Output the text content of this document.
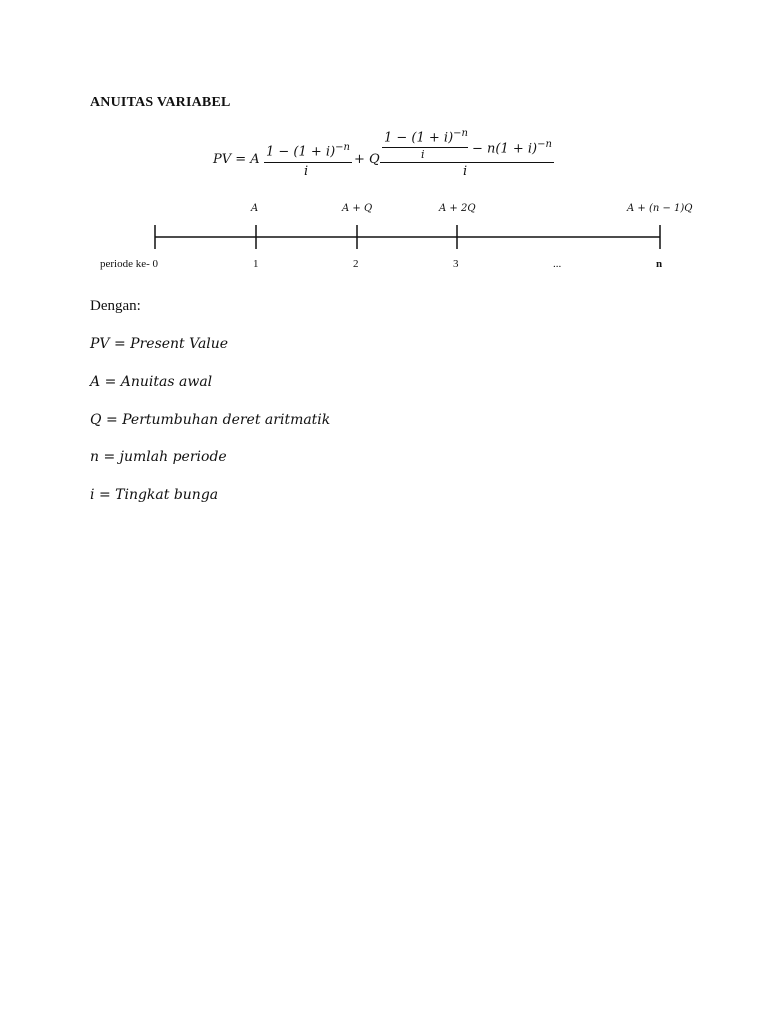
ANUITAS VARIABEL
PV = A
$1 - (1 + i)^{-n}$
i
+ Q
$1 - (1 + i)^{-n}$
i	− $n(1 + i)^{-n}$
i
A	A + Q	A + 2Q	A + (n − 1)Q
periode ke- 0	1	2	3	...	n
Dengan:
PV = Present Value
A = Anuitas awal
Q = Pertumbuhan deret aritmatik
n = jumlah periode
i = Tingkat bunga
